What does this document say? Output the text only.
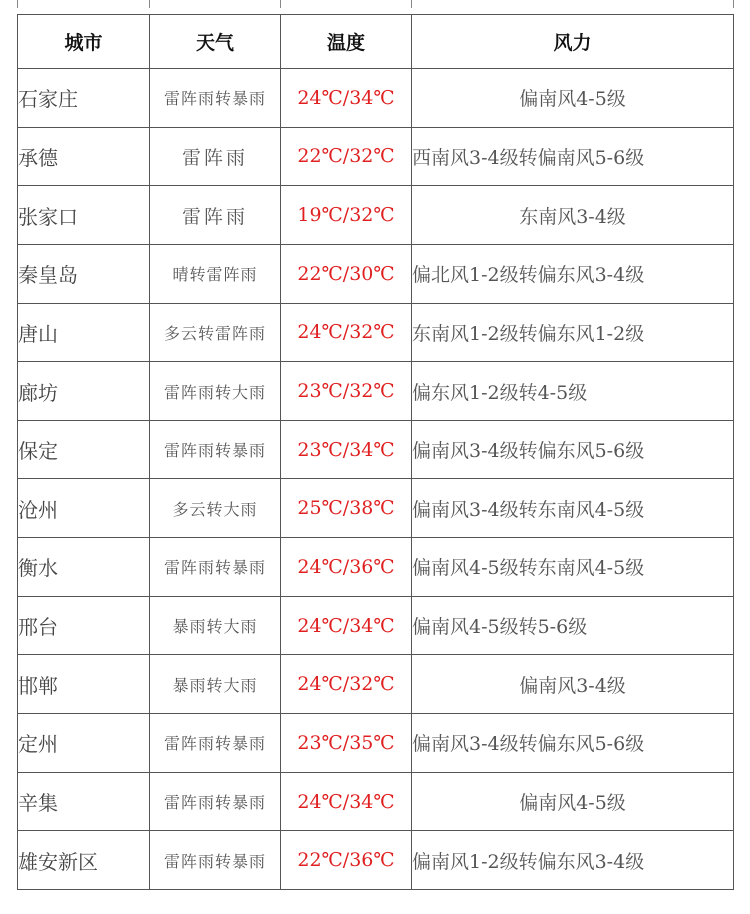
城市	天气	温度	风力
石家庄	雷阵雨转暴雨	24℃/34℃	偏南风4-5级
承德	雷阵雨	22℃/32℃	西南风3-4级转偏南风5-6级
张家口	雷阵雨	19℃/32℃	东南风3-4级
秦皇岛	晴转雷阵雨	22℃/30℃	偏北风1-2级转偏东风3-4级
唐山	多云转雷阵雨	24℃/32℃	东南风1-2级转偏东风1-2级
廊坊	雷阵雨转大雨	23℃/32℃	偏东风1-2级转4-5级
保定	雷阵雨转暴雨	23℃/34℃	偏南风3-4级转偏东风5-6级
沧州	多云转大雨	25℃/38℃	偏南风3-4级转东南风4-5级
衡水	雷阵雨转暴雨	24℃/36℃	偏南风4-5级转东南风4-5级
邢台	暴雨转大雨	24℃/34℃	偏南风4-5级转5-6级
邯郸	暴雨转大雨	24℃/32℃	偏南风3-4级
定州	雷阵雨转暴雨	23℃/35℃	偏南风3-4级转偏东风5-6级
辛集	雷阵雨转暴雨	24℃/34℃	偏南风4-5级
雄安新区	雷阵雨转暴雨	22℃/36℃	偏南风1-2级转偏东风3-4级
